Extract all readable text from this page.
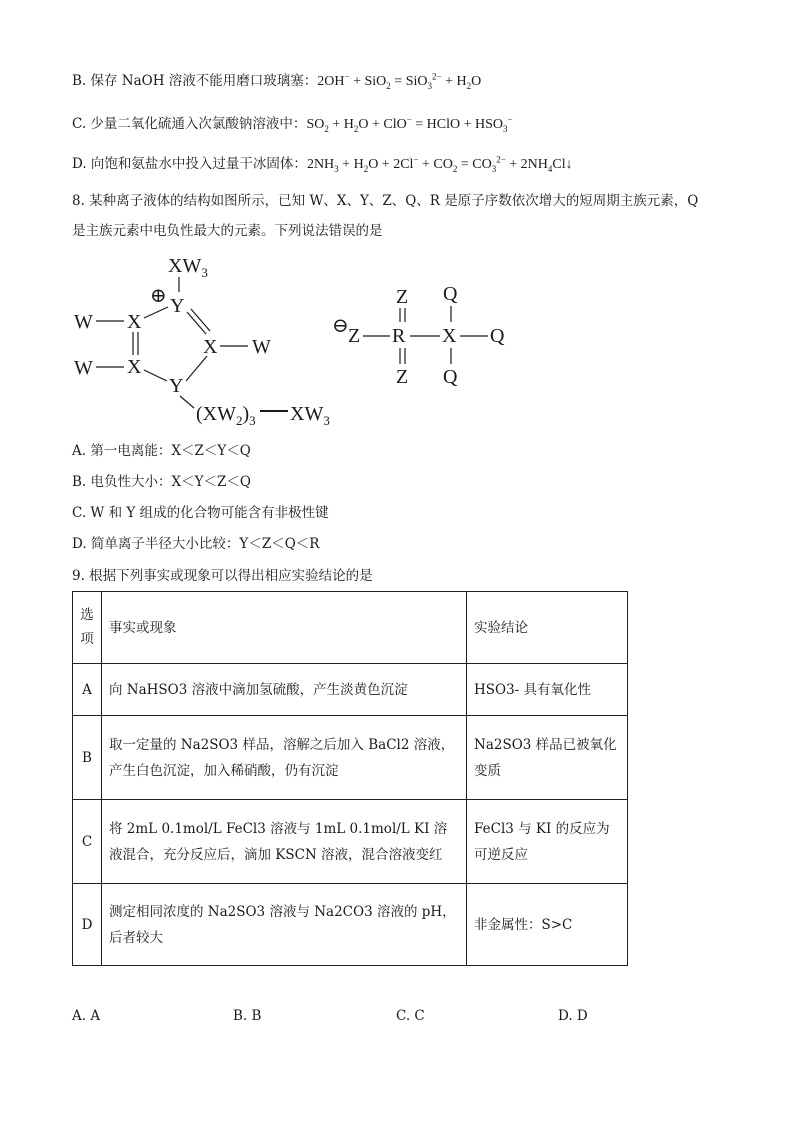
B. 保存 NaOH 溶液不能用磨口玻璃塞：$2OH^- + SiO_2 = SiO_3^{2-} + H_2O$
C. 少量二氧化硫通入次氯酸钠溶液中：$SO_2 + H_2O + ClO^-$ = HClO + $HSO_3^-$
D. 向饱和氨盐水中投入过量干冰固体：$2NH_3 + H_2O + 2Cl^- + CO_2 = CO_3^{2-}$ + $2NH_4Cl↓$
8. 某种离子液体的结构如图所示，已知 W、X、Y、Z、Q、R 是原子序数依次增大的短周期主族元素，Q
是主族元素中电负性最大的元素。下列说法错误的是
$XW_3$
⊕ Y
X
X
X
Y
W
W
W
$(XW_2)_3$ $XW_3$
⊖ Z R X Q
Z
Z
Q
Q
A. 第一电离能：X＜Z＜Y＜Q
B. 电负性大小：X＜Y＜Z＜Q
C. W 和 Y 组成的化合物可能含有非极性键
D. 简单离子半径大小比较：Y＜Z＜Q＜R
9. 根据下列事实或现象可以得出相应实验结论的是
选项	事实或现象	实验结论
A	向 NaHSO3 溶液中滴加氢硫酸，产生淡黄色沉淀	HSO3- 具有氧化性
B	取一定量的 Na2SO3 样品，溶解之后加入 BaCl2 溶液，产生白色沉淀，加入稀硝酸，仍有沉淀	Na2SO3 样品已被氧化变质
C	将 2mL 0.1mol/L FeCl3 溶液与 1mL 0.1mol/L KI 溶液混合，充分反应后，滴加 KSCN 溶液，混合溶液变红	FeCl3 与 KI 的反应为可逆反应
D	测定相同浓度的 Na2SO3 溶液与 Na2CO3 溶液的 pH，后者较大	非金属性：S>C
A. A	B. B	C. C	D. D
